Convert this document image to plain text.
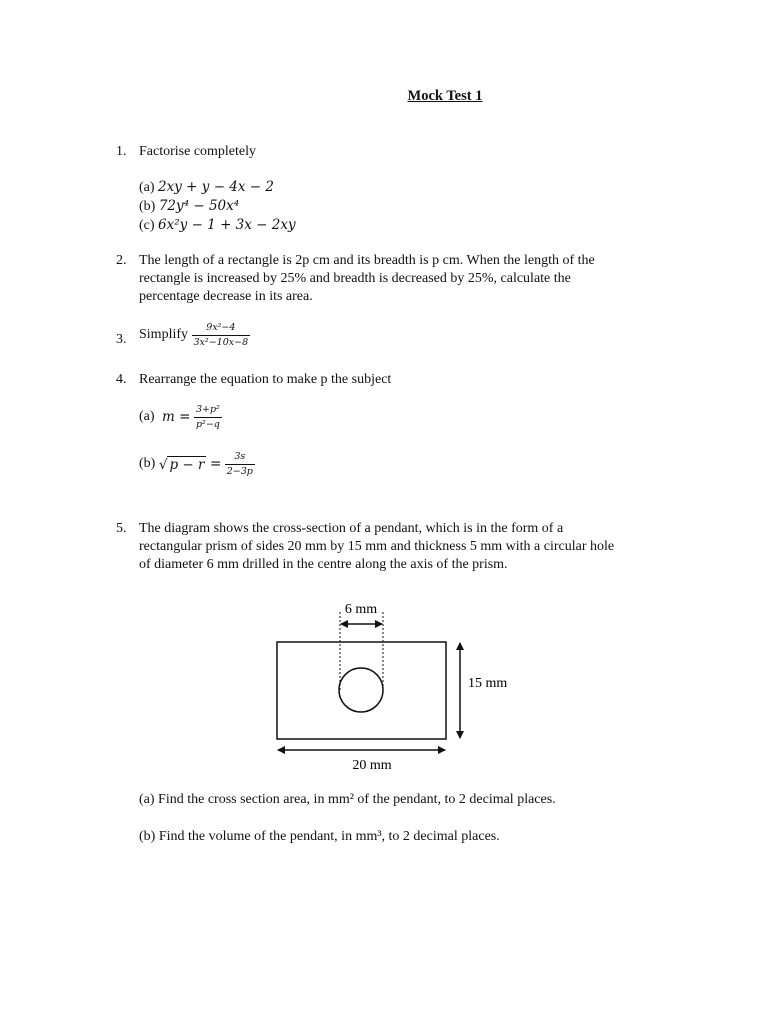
Mock Test 1
1. Factorise completely
(a) 2xy + y − 4x − 2
(b) 72y⁴ − 50x⁴
(c) 6x²y − 1 + 3x − 2xy
2. The length of a rectangle is 2p cm and its breadth is p cm. When the length of the
rectangle is increased by 25% and breadth is decreased by 25%, calculate the
percentage decrease in its area.
3. Simplify $\frac{\text{9x²−4}}{\text{3x²−10x−8}}$
4. Rearrange the equation to make p the subject
(a) $m = \frac{\text{3+p²}}{\text{p²−q}}$
(b) √ $p - r = \frac{3s}{2-3p}$
5. The diagram shows the cross-section of a pendant, which is in the form of a
rectangular prism of sides 20 mm by 15 mm and thickness 5 mm with a circular hole
of diameter 6 mm drilled in the centre along the axis of the prism.
6 mm
15 mm
20 mm
(a) Find the cross section area, in mm² of the pendant, to 2 decimal places.
(b) Find the volume of the pendant, in mm³, to 2 decimal places.
